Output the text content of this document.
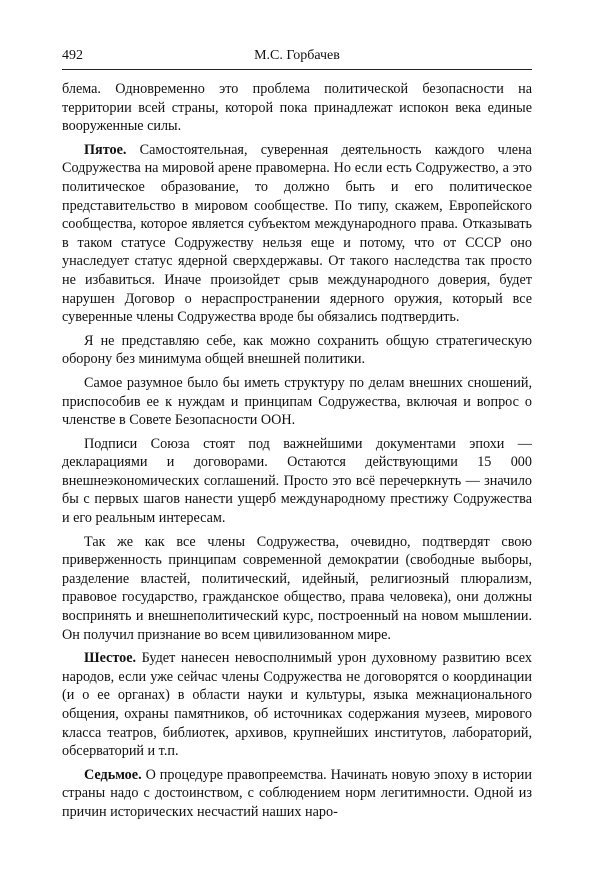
492	М.С. Горбачев

блема. Одновременно это проблема политической безопасности на территории всей страны, которой пока принадлежат испокон века единые вооруженные силы.

Пятое. Самостоятельная, суверенная деятельность каждого члена Содружества на мировой арене правомерна. Но если есть Содружество, а это политическое образование, то должно быть и его политическое представительство в мировом сообществе. По типу, скажем, Европейского сообщества, которое является субъектом международного права. Отказывать в таком статусе Содружеству нельзя еще и потому, что от СССР оно унаследует статус ядерной сверхдержавы. От такого наследства так просто не избавиться. Иначе произойдет срыв международного доверия, будет нарушен Договор о нераспространении ядерного оружия, который все суверенные члены Содружества вроде бы обязались подтвердить.

Я не представляю себе, как можно сохранить общую стратегическую оборону без минимума общей внешней политики.

Самое разумное было бы иметь структуру по делам внешних сношений, приспособив ее к нуждам и принципам Содружества, включая и вопрос о членстве в Совете Безопасности ООН.

Подписи Союза стоят под важнейшими документами эпохи — декларациями и договорами. Остаются действующими 15 000 внешнеэкономических соглашений. Просто это всё перечеркнуть — значило бы с первых шагов нанести ущерб международному престижу Содружества и его реальным интересам.

Так же как все члены Содружества, очевидно, подтвердят свою приверженность принципам современной демократии (свободные выборы, разделение властей, политический, идейный, религиозный плюрализм, правовое государство, гражданское общество, права человека), они должны воспринять и внешнеполитический курс, построенный на новом мышлении. Он получил признание во всем цивилизованном мире.

Шестое. Будет нанесен невосполнимый урон духовному развитию всех народов, если уже сейчас члены Содружества не договорятся о координации (и о ее органах) в области науки и культуры, языка межнационального общения, охраны памятников, об источниках содержания музеев, мирового класса театров, библиотек, архивов, крупнейших институтов, лабораторий, обсерваторий и т.п.

Седьмое. О процедуре правопреемства. Начинать новую эпоху в истории страны надо с достоинством, с соблюдением норм легитимности. Одной из причин исторических несчастий наших наро-
